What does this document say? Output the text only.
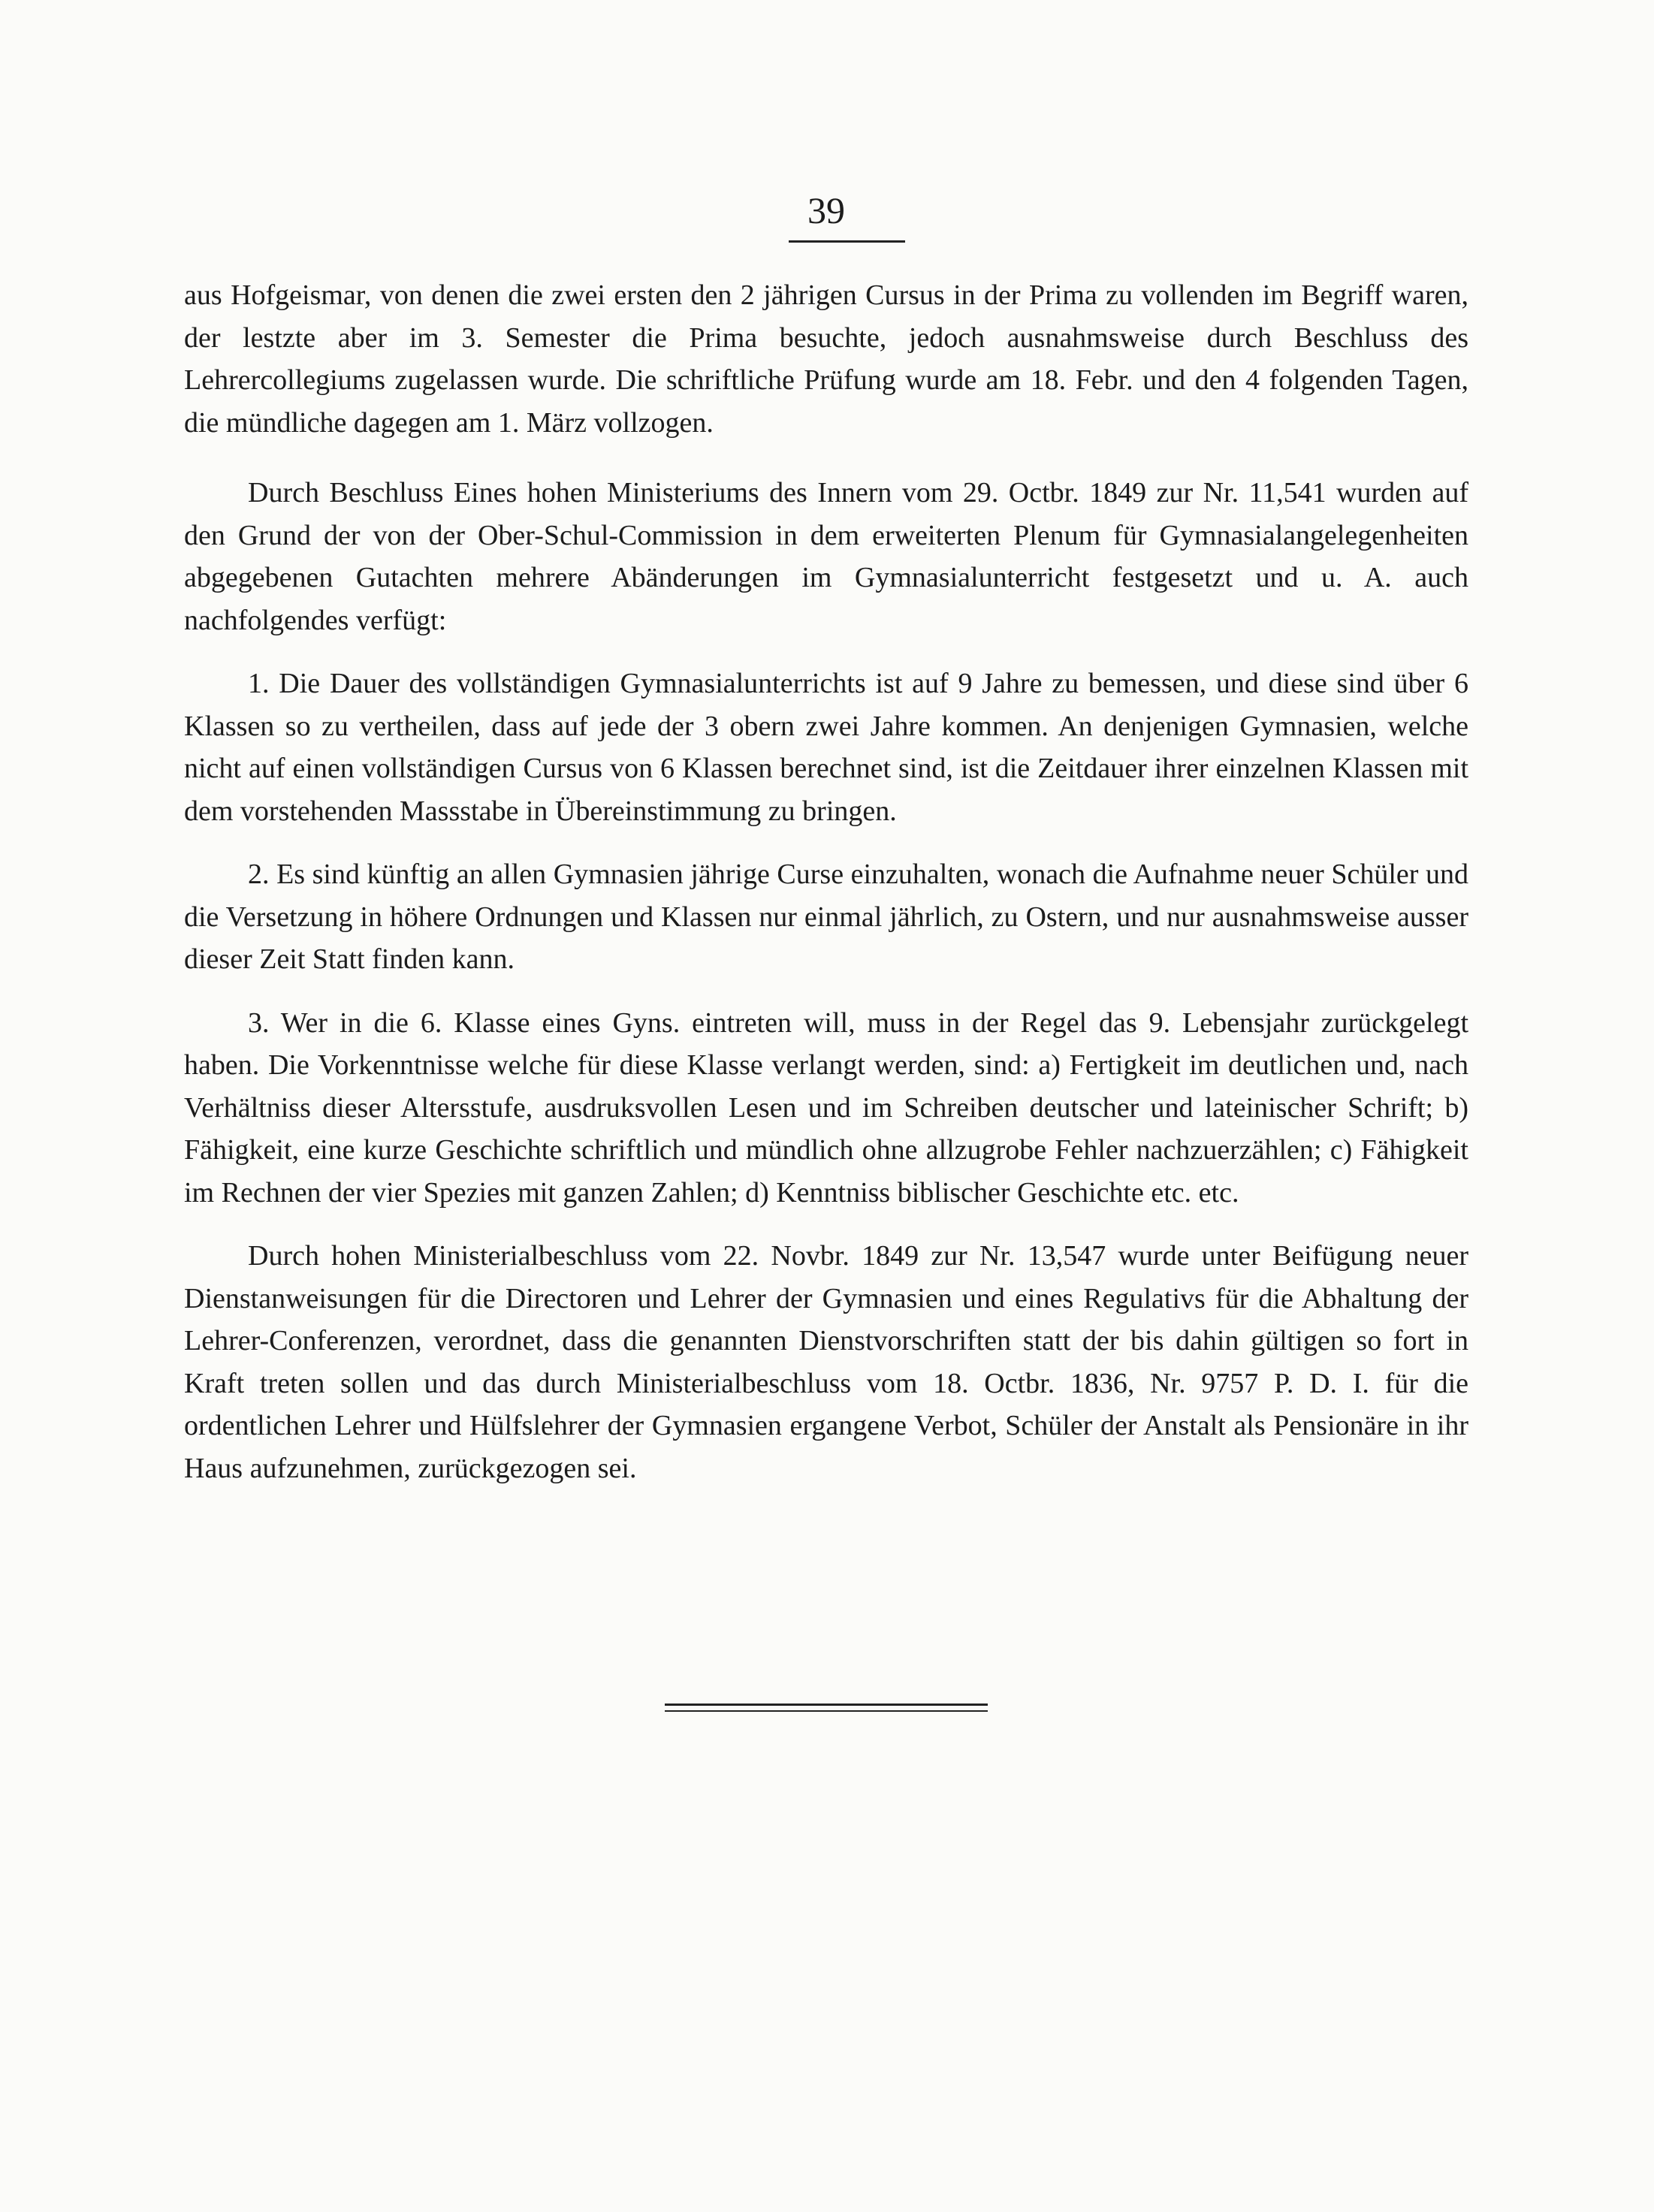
39

aus Hofgeismar, von denen die zwei ersten den 2 jährigen Cursus in der Prima zu vollenden im Begriff waren, der lestzte aber im 3. Semester die Prima besuchte, jedoch ausnahmsweise durch Beschluss des Lehrercollegiums zugelassen wurde. Die schriftliche Prüfung wurde am 18. Febr. und den 4 folgenden Tagen, die mündliche dagegen am 1. März vollzogen.

Durch Beschluss Eines hohen Ministeriums des Innern vom 29. Octbr. 1849 zur Nr. 11,541 wurden auf den Grund der von der Ober-Schul-Commission in dem erweiterten Plenum für Gymnasialangelegenheiten abgegebenen Gutachten mehrere Abänderungen im Gymnasialunterricht festgesetzt und u. A. auch nachfolgendes verfügt:

1. Die Dauer des vollständigen Gymnasialunterrichts ist auf 9 Jahre zu bemessen, und diese sind über 6 Klassen so zu vertheilen, dass auf jede der 3 obern zwei Jahre kommen. An denjenigen Gymnasien, welche nicht auf einen vollständigen Cursus von 6 Klassen berechnet sind, ist die Zeitdauer ihrer einzelnen Klassen mit dem vorstehenden Massstabe in Übereinstimmung zu bringen.

2. Es sind künftig an allen Gymnasien jährige Curse einzuhalten, wonach die Aufnahme neuer Schüler und die Versetzung in höhere Ordnungen und Klassen nur einmal jährlich, zu Ostern, und nur ausnahmsweise ausser dieser Zeit Statt finden kann.

3. Wer in die 6. Klasse eines Gyns. eintreten will, muss in der Regel das 9. Lebensjahr zurückgelegt haben. Die Vorkenntnisse welche für diese Klasse verlangt werden, sind: a) Fertigkeit im deutlichen und, nach Verhältniss dieser Altersstufe, ausdruksvollen Lesen und im Schreiben deutscher und lateinischer Schrift; b) Fähigkeit, eine kurze Geschichte schriftlich und mündlich ohne allzugrobe Fehler nachzuerzählen; c) Fähigkeit im Rechnen der vier Spezies mit ganzen Zahlen; d) Kenntniss biblischer Geschichte etc. etc.

Durch hohen Ministerialbeschluss vom 22. Novbr. 1849 zur Nr. 13,547 wurde unter Beifügung neuer Dienstanweisungen für die Directoren und Lehrer der Gymnasien und eines Regulativs für die Abhaltung der Lehrer-Conferenzen, verordnet, dass die genannten Dienstvorschriften statt der bis dahin gültigen so fort in Kraft treten sollen und das durch Ministerialbeschluss vom 18. Octbr. 1836, Nr. 9757 P. D. I. für die ordentlichen Lehrer und Hülfslehrer der Gymnasien ergangene Verbot, Schüler der Anstalt als Pensionäre in ihr Haus aufzunehmen, zurückgezogen sei.
